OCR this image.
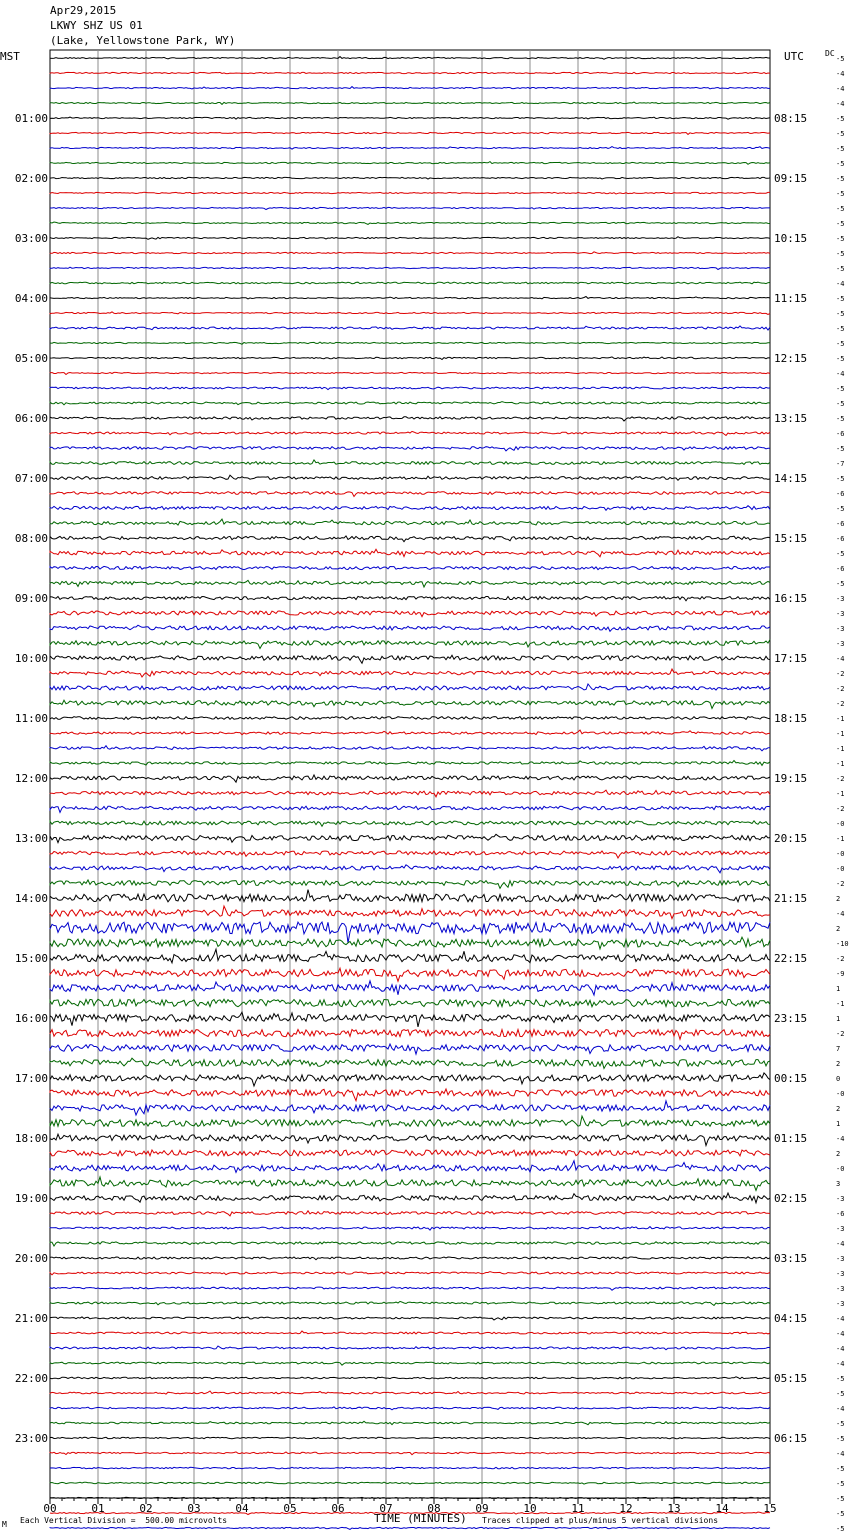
Apr29,2015
LKWY SHZ US 01
(Lake, Yellowstone Park, WY)
MST	UTC	DC
-5
-4
-4
-4
-5
-5
-5
-5
-5
-5
-5
-5
-5
-5
-5
-4
-5
-5
-5
-5
-5
-4
-5
-5
-5
-6
-5
-7
-5
-6
-5
-6
-6
-5
-6
-5
-3
-3
-3
-3
-4
-2
-2
-2
-1
-1
-1
-1
-2
-1
-2
-0
-1
-0
-0
-2
2
-4
2
-10
-2
-9
1
-1
1
-2
7
2
0
-0
2
1
-4
2
-0
3
-3
-6
-3
-4
-3
-3
-3
-3
-4
-4
-4
-4
-5
-5
-4
-5
-5
-4
-5
-5
-5
-5
-5
01:00
02:00
03:00
04:00
05:00
06:00
07:00
08:00
09:00
10:00
11:00
12:00
13:00
14:00
15:00
16:00
17:00
18:00
19:00
20:00
21:00
22:00
23:00
08:15
09:15
10:15
11:15
12:15
13:15
14:15
15:15
16:15
17:15
18:15
19:15
20:15
21:15
22:15
23:15
00:15
01:15
02:15
03:15
04:15
05:15
06:15
00	01	02	03	04	05	06	07	08	09	10	11	12	13	14	15
M Each Vertical Division =  500.00 microvolts	TIME (MINUTES) Traces clipped at plus/minus 5 vertical divisions
